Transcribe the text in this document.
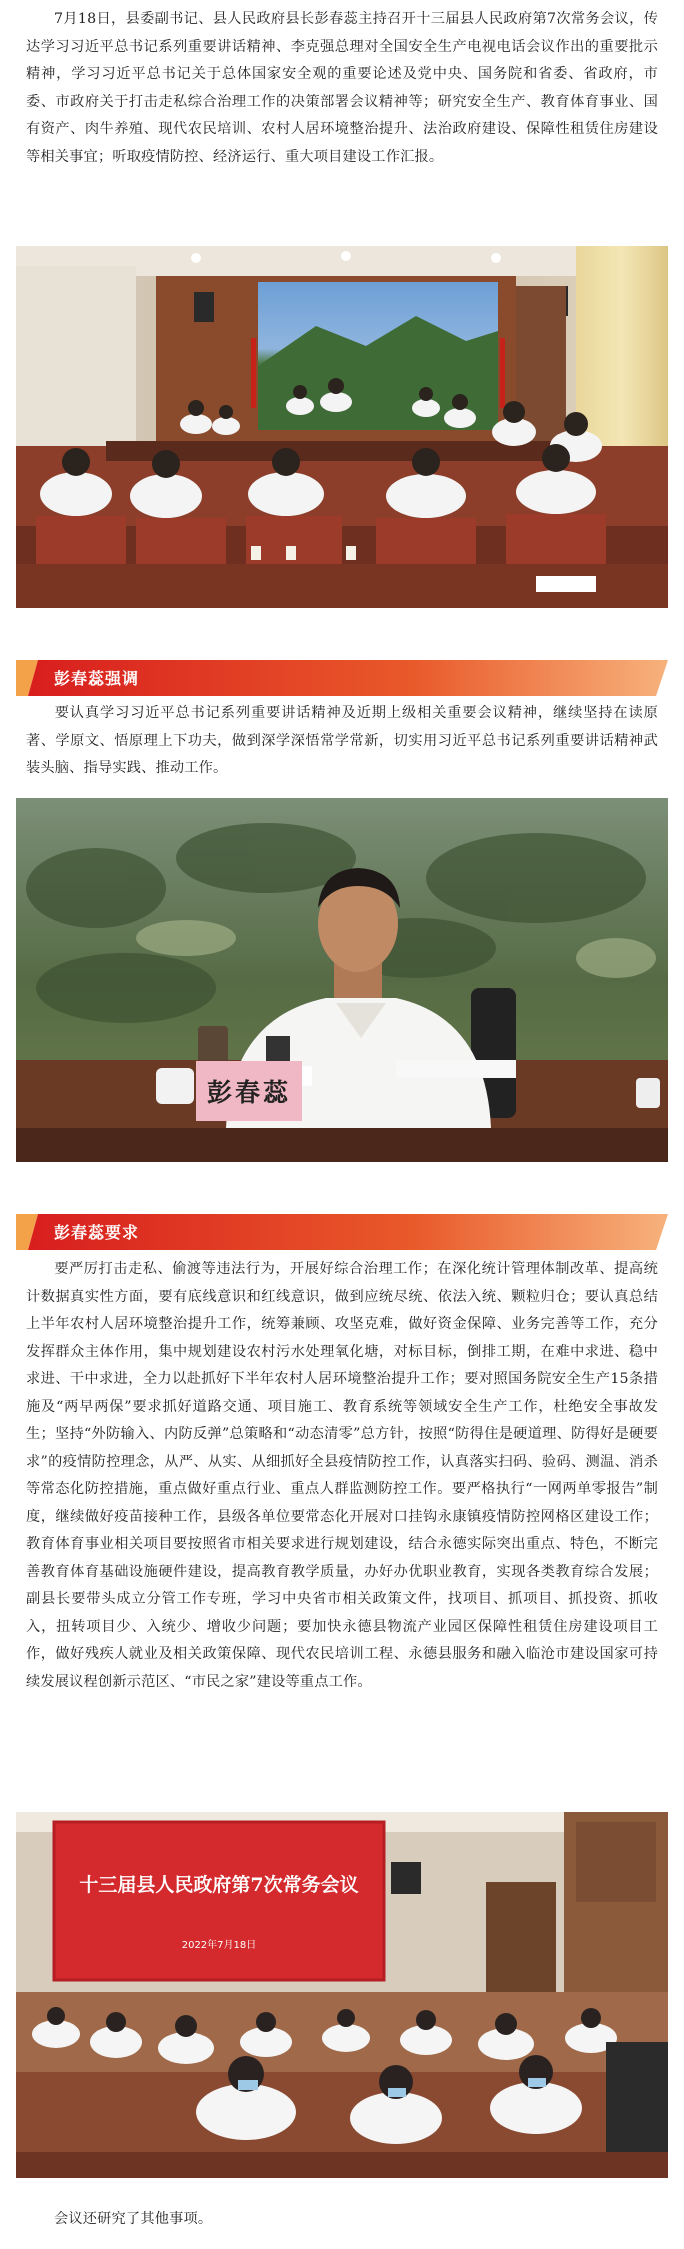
7月18日，县委副书记、县人民政府县长彭春蕊主持召开十三届县人民政府第7次常务会议，传达学习习近平总书记系列重要讲话精神、李克强总理对全国安全生产电视电话会议作出的重要批示精神，学习习近平总书记关于总体国家安全观的重要论述及党中央、国务院和省委、省政府，市委、市政府关于打击走私综合治理工作的决策部署会议精神等；研究安全生产、教育体育事业、国有资产、肉牛养殖、现代农民培训、农村人居环境整治提升、法治政府建设、保障性租赁住房建设等相关事宜；听取疫情防控、经济运行、重大项目建设工作汇报。

彭春蕊强调

要认真学习习近平总书记系列重要讲话精神及近期上级相关重要会议精神，继续坚持在读原著、学原文、悟原理上下功夫，做到深学深悟常学常新，切实用习近平总书记系列重要讲话精神武装头脑、指导实践、推动工作。

彭春蕊
彭春蕊要求

要严厉打击走私、偷渡等违法行为，开展好综合治理工作；在深化统计管理体制改革、提高统计数据真实性方面，要有底线意识和红线意识，做到应统尽统、依法入统、颗粒归仓；要认真总结上半年农村人居环境整治提升工作，统筹兼顾、攻坚克难，做好资金保障、业务完善等工作，充分发挥群众主体作用，集中规划建设农村污水处理氧化塘，对标目标，倒排工期，在难中求进、稳中求进、干中求进，全力以赴抓好下半年农村人居环境整治提升工作；要对照国务院安全生产15条措施及“两早两保”要求抓好道路交通、项目施工、教育系统等领域安全生产工作，杜绝安全事故发生；坚持“外防输入、内防反弹”总策略和“动态清零”总方针，按照“防得住是硬道理、防得好是硬要求”的疫情防控理念，从严、从实、从细抓好全县疫情防控工作，认真落实扫码、验码、测温、消杀等常态化防控措施，重点做好重点行业、重点人群监测防控工作。要严格执行“一网两单零报告”制度，继续做好疫苗接种工作，县级各单位要常态化开展对口挂钩永康镇疫情防控网格区建设工作；教育体育事业相关项目要按照省市相关要求进行规划建设，结合永德实际突出重点、特色，不断完善教育体育基础设施硬件建设，提高教育教学质量，办好办优职业教育，实现各类教育综合发展；副县长要带头成立分管工作专班，学习中央省市相关政策文件，找项目、抓项目、抓投资、抓收入，扭转项目少、入统少、增收少问题；要加快永德县物流产业园区保障性租赁住房建设项目工作，做好残疾人就业及相关政策保障、现代农民培训工程、永德县服务和融入临沧市建设国家可持续发展议程创新示范区、“市民之家”建设等重点工作。

十三届县人民政府第7次常务会议
2022年7月18日

会议还研究了其他事项。
